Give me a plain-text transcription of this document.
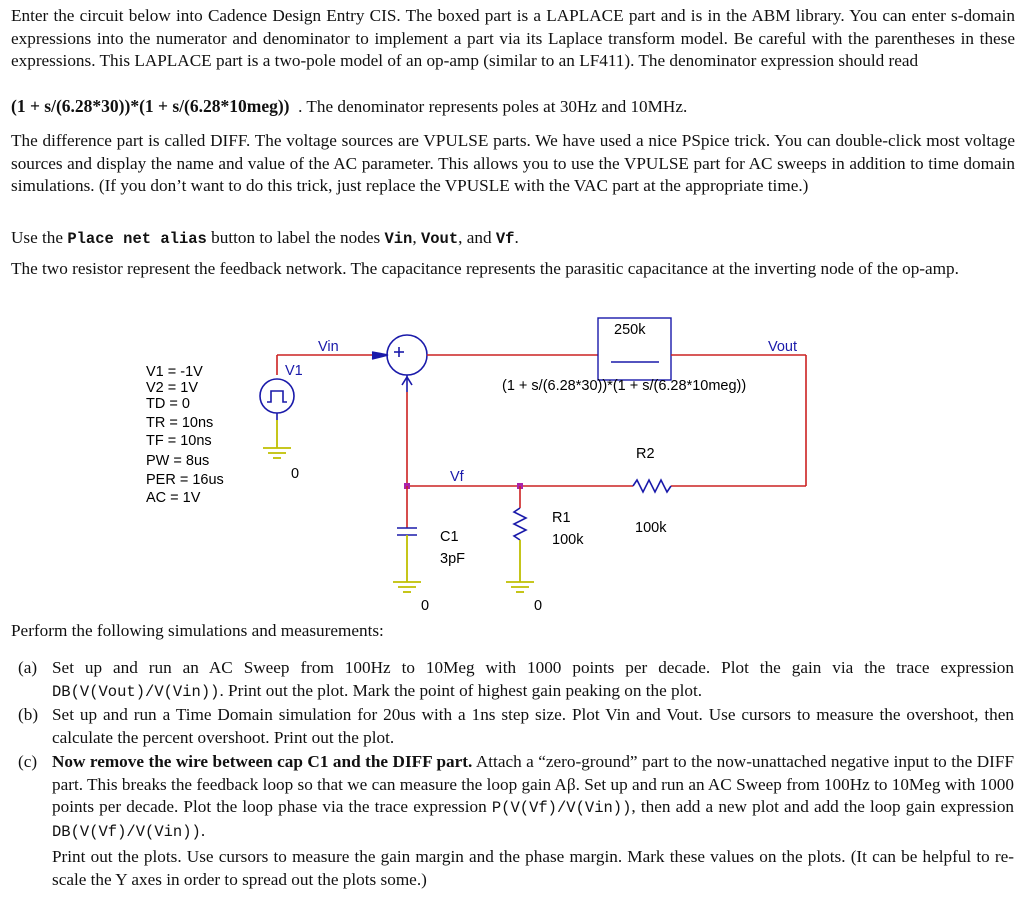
Enter the circuit below into Cadence Design Entry CIS. The boxed part is a LAPLACE part and is in the ABM library. You can enter s-domain expressions into the numerator and denominator to implement a part via its Laplace transform model. Be careful with the parentheses in these expressions. This LAPLACE part is a two-pole model of an op-amp (similar to an LF411). The denominator expression should read
(1 + s/(6.28*30))*(1 + s/(6.28*10meg)) . The denominator represents poles at 30Hz and 10MHz.
The difference part is called DIFF. The voltage sources are VPULSE parts. We have used a nice PSpice trick. You can double-click most voltage sources and display the name and value of the AC parameter. This allows you to use the VPULSE part for AC sweeps in addition to time domain simulations. (If you don’t want to do this trick, just replace the VPUSLE with the VAC part at the appropriate time.)
Use the Place net alias button to label the nodes Vin, Vout, and Vf.
The two resistor represent the feedback network. The capacitance represents the parasitic capacitance at the inverting node of the op-amp.
V1 = -1V
V2 = 1V
TD = 0
TR = 10ns
TF = 10ns
PW = 8us
PER = 16us
AC = 1V
V1
0
Vin
250k
(1 + s/(6.28*30))*(1 + s/(6.28*10meg))
Vout
Vf
R2
100k
C1
3pF
0
R1
100k
0
Perform the following simulations and measurements:
(a) Set up and run an AC Sweep from 100Hz to 10Meg with 1000 points per decade. Plot the gain via the trace expression DB(V(Vout)/V(Vin)). Print out the plot. Mark the point of highest gain peaking on the plot.
(b) Set up and run a Time Domain simulation for 20us with a 1ns step size. Plot Vin and Vout. Use cursors to measure the overshoot, then calculate the percent overshoot. Print out the plot.
(c) Now remove the wire between cap C1 and the DIFF part. Attach a “zero-ground” part to the now-unattached negative input to the DIFF part. This breaks the feedback loop so that we can measure the loop gain Aβ. Set up and run an AC Sweep from 100Hz to 10Meg with 1000 points per decade. Plot the loop phase via the trace expression P(V(Vf)/V(Vin)), then add a new plot and add the loop gain expression DB(V(Vf)/V(Vin)).
Print out the plots. Use cursors to measure the gain margin and the phase margin. Mark these values on the plots. (It can be helpful to re-scale the Y axes in order to spread out the plots some.)
